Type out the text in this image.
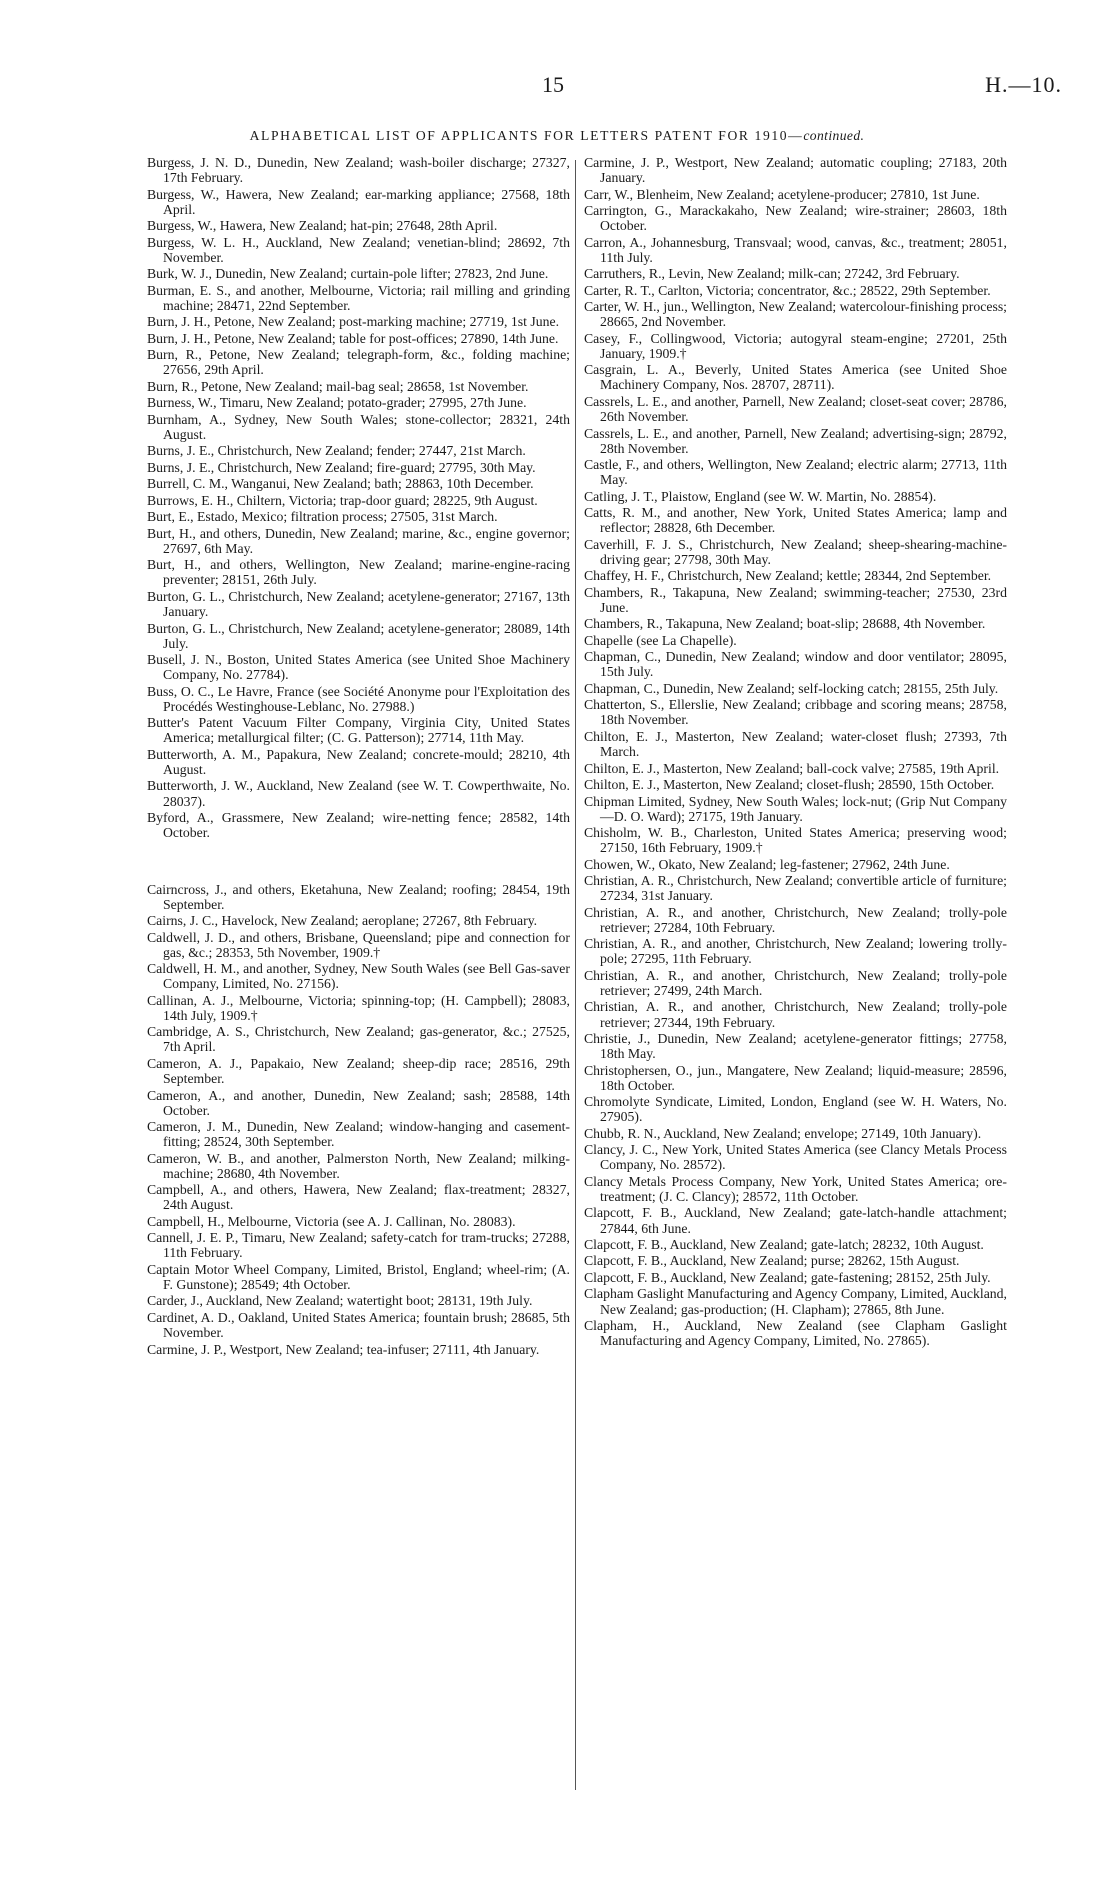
15	H.—10.
ALPHABETICAL LIST OF APPLICANTS FOR LETTERS PATENT FOR 1910—continued.

Burgess, J. N. D., Dunedin, New Zealand; wash-boiler discharge; 27327, 17th February.

Burgess, W., Hawera, New Zealand; ear-marking appliance; 27568, 18th April.

Burgess, W., Hawera, New Zealand; hat-pin; 27648, 28th April.

Burgess, W. L. H., Auckland, New Zealand; venetian-blind; 28692, 7th November.

Burk, W. J., Dunedin, New Zealand; curtain-pole lifter; 27823, 2nd June.

Burman, E. S., and another, Melbourne, Victoria; rail milling and grinding machine; 28471, 22nd September.

Burn, J. H., Petone, New Zealand; post-marking machine; 27719, 1st June.

Burn, J. H., Petone, New Zealand; table for post-offices; 27890, 14th June.

Burn, R., Petone, New Zealand; telegraph-form, &c., folding machine; 27656, 29th April.

Burn, R., Petone, New Zealand; mail-bag seal; 28658, 1st November.

Burness, W., Timaru, New Zealand; potato-grader; 27995, 27th June.

Burnham, A., Sydney, New South Wales; stone-collector; 28321, 24th August.

Burns, J. E., Christchurch, New Zealand; fender; 27447, 21st March.

Burns, J. E., Christchurch, New Zealand; fire-guard; 27795, 30th May.

Burrell, C. M., Wanganui, New Zealand; bath; 28863, 10th December.

Burrows, E. H., Chiltern, Victoria; trap-door guard; 28225, 9th August.

Burt, E., Estado, Mexico; filtration process; 27505, 31st March.

Burt, H., and others, Dunedin, New Zealand; marine, &c., engine governor; 27697, 6th May.

Burt, H., and others, Wellington, New Zealand; marine-engine-racing preventer; 28151, 26th July.

Burton, G. L., Christchurch, New Zealand; acetylene-generator; 27167, 13th January.

Burton, G. L., Christchurch, New Zealand; acetylene-generator; 28089, 14th July.

Busell, J. N., Boston, United States America (see United Shoe Machinery Company, No. 27784).

Buss, O. C., Le Havre, France (see Société Anonyme pour l'Exploitation des Procédés Westinghouse-Leblanc, No. 27988.)

Butter's Patent Vacuum Filter Company, Virginia City, United States America; metallurgical filter; (C. G. Patterson); 27714, 11th May.

Butterworth, A. M., Papakura, New Zealand; concrete-mould; 28210, 4th August.

Butterworth, J. W., Auckland, New Zealand (see W. T. Cowperthwaite, No. 28037).

Byford, A., Grassmere, New Zealand; wire-netting fence; 28582, 14th October.

Cairncross, J., and others, Eketahuna, New Zealand; roofing; 28454, 19th September.

Cairns, J. C., Havelock, New Zealand; aeroplane; 27267, 8th February.

Caldwell, J. D., and others, Brisbane, Queensland; pipe and connection for gas, &c.; 28353, 5th November, 1909.†

Caldwell, H. M., and another, Sydney, New South Wales (see Bell Gas-saver Company, Limited, No. 27156).

Callinan, A. J., Melbourne, Victoria; spinning-top; (H. Campbell); 28083, 14th July, 1909.†

Cambridge, A. S., Christchurch, New Zealand; gas-generator, &c.; 27525, 7th April.

Cameron, A. J., Papakaio, New Zealand; sheep-dip race; 28516, 29th September.

Cameron, A., and another, Dunedin, New Zealand; sash; 28588, 14th October.

Cameron, J. M., Dunedin, New Zealand; window-hanging and casement-fitting; 28524, 30th September.

Cameron, W. B., and another, Palmerston North, New Zealand; milking-machine; 28680, 4th November.

Campbell, A., and others, Hawera, New Zealand; flax-treatment; 28327, 24th August.

Campbell, H., Melbourne, Victoria (see A. J. Callinan, No. 28083).

Cannell, J. E. P., Timaru, New Zealand; safety-catch for tram-trucks; 27288, 11th February.

Captain Motor Wheel Company, Limited, Bristol, England; wheel-rim; (A. F. Gunstone); 28549; 4th October.

Carder, J., Auckland, New Zealand; watertight boot; 28131, 19th July.

Cardinet, A. D., Oakland, United States America; fountain brush; 28685, 5th November.

Carmine, J. P., Westport, New Zealand; tea-infuser; 27111, 4th January.

Carmine, J. P., Westport, New Zealand; automatic coupling; 27183, 20th January.

Carr, W., Blenheim, New Zealand; acetylene-producer; 27810, 1st June.

Carrington, G., Marackakaho, New Zealand; wire-strainer; 28603, 18th October.

Carron, A., Johannesburg, Transvaal; wood, canvas, &c., treatment; 28051, 11th July.

Carruthers, R., Levin, New Zealand; milk-can; 27242, 3rd February.

Carter, R. T., Carlton, Victoria; concentrator, &c.; 28522, 29th September.

Carter, W. H., jun., Wellington, New Zealand; watercolour-finishing process; 28665, 2nd November.

Casey, F., Collingwood, Victoria; autogyral steam-engine; 27201, 25th January, 1909.†

Casgrain, L. A., Beverly, United States America (see United Shoe Machinery Company, Nos. 28707, 28711).

Cassrels, L. E., and another, Parnell, New Zealand; closet-seat cover; 28786, 26th November.

Cassrels, L. E., and another, Parnell, New Zealand; advertising-sign; 28792, 28th November.

Castle, F., and others, Wellington, New Zealand; electric alarm; 27713, 11th May.

Catling, J. T., Plaistow, England (see W. W. Martin, No. 28854).

Catts, R. M., and another, New York, United States America; lamp and reflector; 28828, 6th December.

Caverhill, F. J. S., Christchurch, New Zealand; sheep-shearing-machine-driving gear; 27798, 30th May.

Chaffey, H. F., Christchurch, New Zealand; kettle; 28344, 2nd September.

Chambers, R., Takapuna, New Zealand; swimming-teacher; 27530, 23rd June.

Chambers, R., Takapuna, New Zealand; boat-slip; 28688, 4th November.

Chapelle (see La Chapelle).

Chapman, C., Dunedin, New Zealand; window and door ventilator; 28095, 15th July.

Chapman, C., Dunedin, New Zealand; self-locking catch; 28155, 25th July.

Chatterton, S., Ellerslie, New Zealand; cribbage and scoring means; 28758, 18th November.

Chilton, E. J., Masterton, New Zealand; water-closet flush; 27393, 7th March.

Chilton, E. J., Masterton, New Zealand; ball-cock valve; 27585, 19th April.

Chilton, E. J., Masterton, New Zealand; closet-flush; 28590, 15th October.

Chipman Limited, Sydney, New South Wales; lock-nut; (Grip Nut Company—D. O. Ward); 27175, 19th January.

Chisholm, W. B., Charleston, United States America; preserving wood; 27150, 16th February, 1909.†

Chowen, W., Okato, New Zealand; leg-fastener; 27962, 24th June.

Christian, A. R., Christchurch, New Zealand; convertible article of furniture; 27234, 31st January.

Christian, A. R., and another, Christchurch, New Zealand; trolly-pole retriever; 27284, 10th February.

Christian, A. R., and another, Christchurch, New Zealand; lowering trolly-pole; 27295, 11th February.

Christian, A. R., and another, Christchurch, New Zealand; trolly-pole retriever; 27499, 24th March.

Christian, A. R., and another, Christchurch, New Zealand; trolly-pole retriever; 27344, 19th February.

Christie, J., Dunedin, New Zealand; acetylene-generator fittings; 27758, 18th May.

Christophersen, O., jun., Mangatere, New Zealand; liquid-measure; 28596, 18th October.

Chromolyte Syndicate, Limited, London, England (see W. H. Waters, No. 27905).

Chubb, R. N., Auckland, New Zealand; envelope; 27149, 10th January).

Clancy, J. C., New York, United States America (see Clancy Metals Process Company, No. 28572).

Clancy Metals Process Company, New York, United States America; ore-treatment; (J. C. Clancy); 28572, 11th October.

Clapcott, F. B., Auckland, New Zealand; gate-latch-handle attachment; 27844, 6th June.

Clapcott, F. B., Auckland, New Zealand; gate-latch; 28232, 10th August.

Clapcott, F. B., Auckland, New Zealand; purse; 28262, 15th August.

Clapcott, F. B., Auckland, New Zealand; gate-fastening; 28152, 25th July.

Clapham Gaslight Manufacturing and Agency Company, Limited, Auckland, New Zealand; gas-production; (H. Clapham); 27865, 8th June.

Clapham, H., Auckland, New Zealand (see Clapham Gaslight Manufacturing and Agency Company, Limited, No. 27865).
